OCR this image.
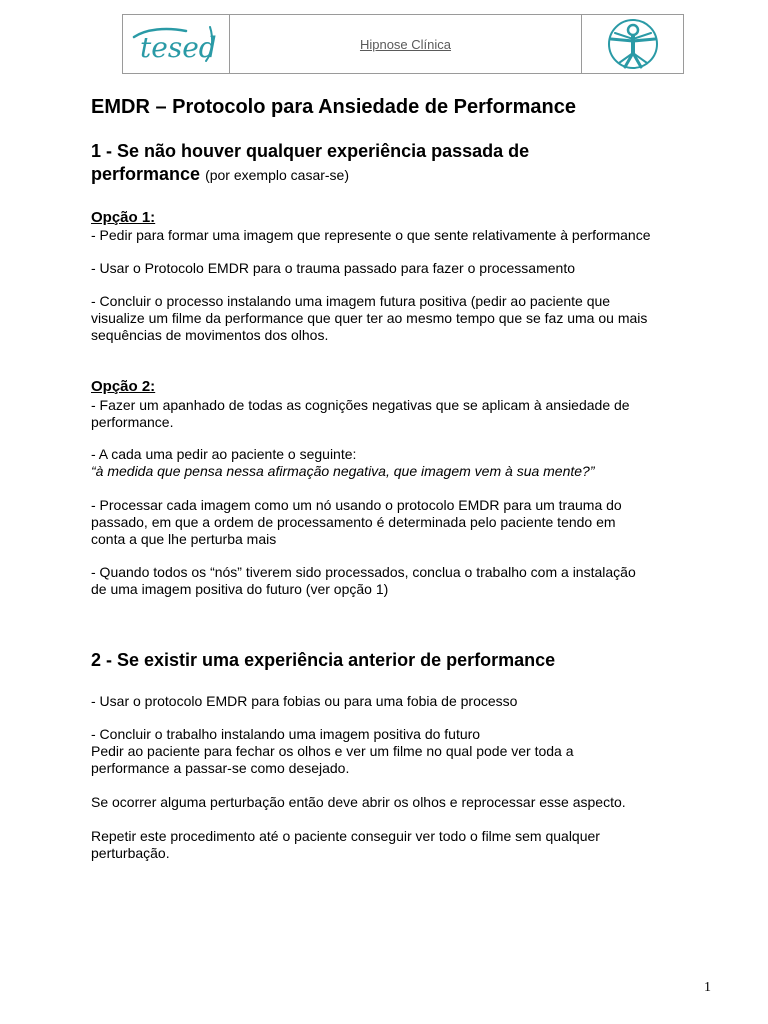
tesed	Hipnose Clínica
EMDR – Protocolo para Ansiedade de Performance
1 - Se não houver qualquer experiência passada de
performance (por exemplo casar-se)
Opção 1:
- Pedir para formar uma imagem que represente o que sente relativamente à performance
- Usar o Protocolo EMDR para o trauma passado para fazer o processamento
- Concluir o processo instalando uma imagem futura positiva (pedir ao paciente que
visualize um filme da performance que quer ter ao mesmo tempo que se faz uma ou mais
sequências de movimentos dos olhos.
Opção 2:
- Fazer um apanhado de todas as cognições negativas que se aplicam à ansiedade de
performance.
- A cada uma pedir ao paciente o seguinte:
“à medida que pensa nessa afirmação negativa, que imagem vem à sua mente?”
- Processar cada imagem como um nó usando o protocolo EMDR para um trauma do
passado, em que a ordem de processamento é determinada pelo paciente tendo em
conta a que lhe perturba mais
- Quando todos os “nós” tiverem sido processados, conclua o trabalho com a instalação
de uma imagem positiva do futuro (ver opção 1)
2 - Se existir uma experiência anterior de performance
- Usar o protocolo EMDR para fobias ou para uma fobia de processo
- Concluir o trabalho instalando uma imagem positiva do futuro
Pedir ao paciente para fechar os olhos e ver um filme no qual pode ver toda a
performance a passar-se como desejado.
Se ocorrer alguma perturbação então deve abrir os olhos e reprocessar esse aspecto.
Repetir este procedimento até o paciente conseguir ver todo o filme sem qualquer
perturbação.
1
